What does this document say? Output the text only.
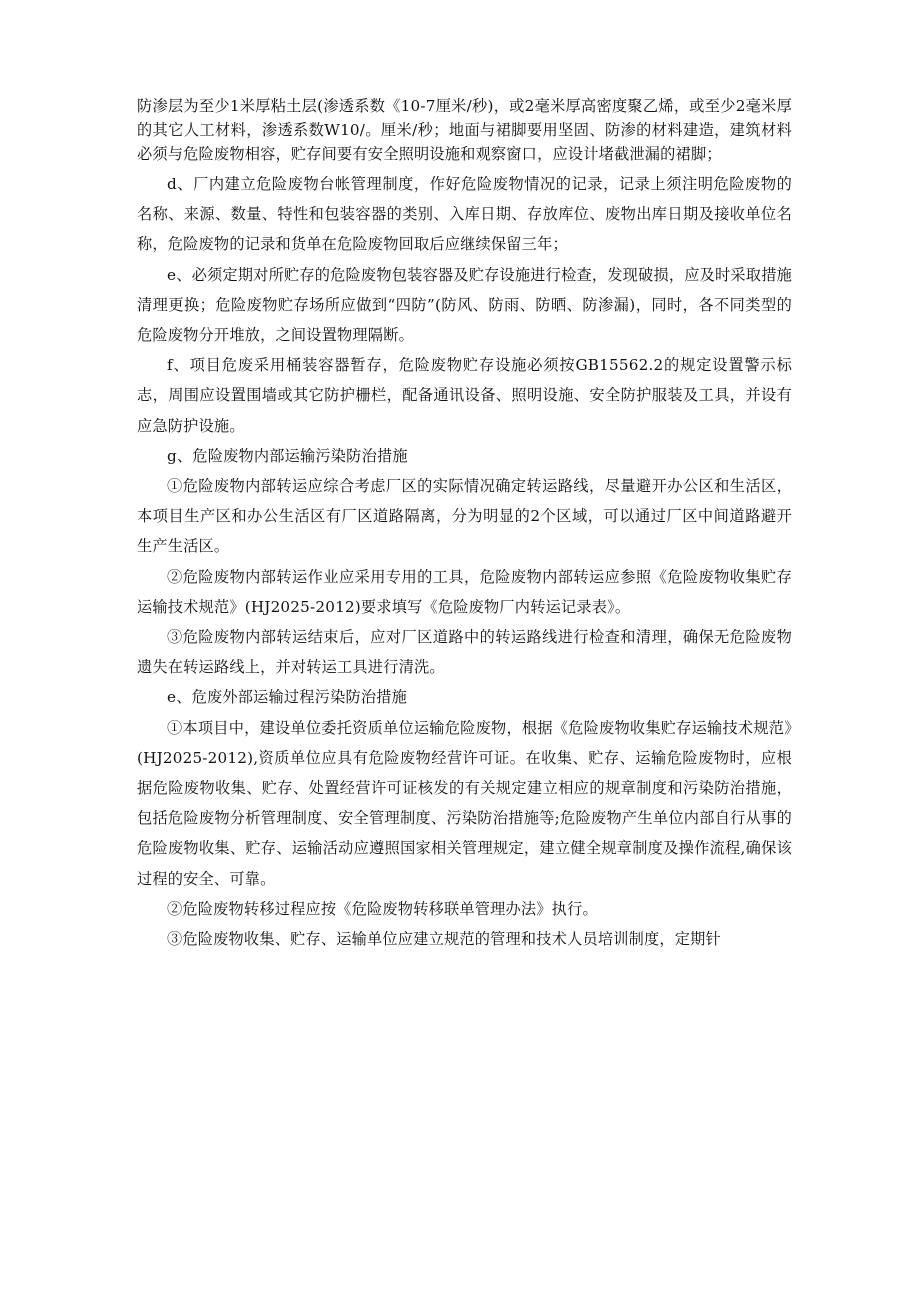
防渗层为至少1米厚粘土层(渗透系数《10-7厘米/秒)，或2毫米厚高密度聚乙烯，或至少2毫米厚的其它人工材料，渗透系数W10/。厘米/秒；地面与裙脚要用坚固、防渗的材料建造，建筑材料必须与危险废物相容，贮存间要有安全照明设施和观察窗口，应设计堵截泄漏的裙脚；

d、厂内建立危险废物台帐管理制度，作好危险废物情况的记录，记录上须注明危险废物的名称、来源、数量、特性和包装容器的类别、入库日期、存放库位、废物出库日期及接收单位名称，危险废物的记录和货单在危险废物回取后应继续保留三年；

e、必须定期对所贮存的危险废物包装容器及贮存设施进行检查，发现破损，应及时采取措施清理更换；危险废物贮存场所应做到“四防”(防风、防雨、防晒、防渗漏)，同时，各不同类型的危险废物分开堆放，之间设置物理隔断。

f、项目危废采用桶装容器暂存，危险废物贮存设施必须按GB15562.2的规定设置警示标志，周围应设置围墙或其它防护栅栏，配备通讯设备、照明设施、安全防护服装及工具，并设有应急防护设施。

g、危险废物内部运输污染防治措施

①危险废物内部转运应综合考虑厂区的实际情况确定转运路线，尽量避开办公区和生活区，本项目生产区和办公生活区有厂区道路隔离，分为明显的2个区域，可以通过厂区中间道路避开生产生活区。

②危险废物内部转运作业应采用专用的工具，危险废物内部转运应参照《危险废物收集贮存运输技术规范》(HJ2025-2012)要求填写《危险废物厂内转运记录表》。

③危险废物内部转运结束后，应对厂区道路中的转运路线进行检查和清理，确保无危险废物遗失在转运路线上，并对转运工具进行清洗。

e、危废外部运输过程污染防治措施

①本项目中，建设单位委托资质单位运输危险废物，根据《危险废物收集贮存运输技术规范》(HJ2025-2012),资质单位应具有危险废物经营许可证。在收集、贮存、运输危险废物时，应根据危险废物收集、贮存、处置经营许可证核发的有关规定建立相应的规章制度和污染防治措施，包括危险废物分析管理制度、安全管理制度、污染防治措施等;危险废物产生单位内部自行从事的危险废物收集、贮存、运输活动应遵照国家相关管理规定，建立健全规章制度及操作流程,确保该过程的安全、可靠。

②危险废物转移过程应按《危险废物转移联单管理办法》执行。

③危险废物收集、贮存、运输单位应建立规范的管理和技术人员培训制度，定期针
